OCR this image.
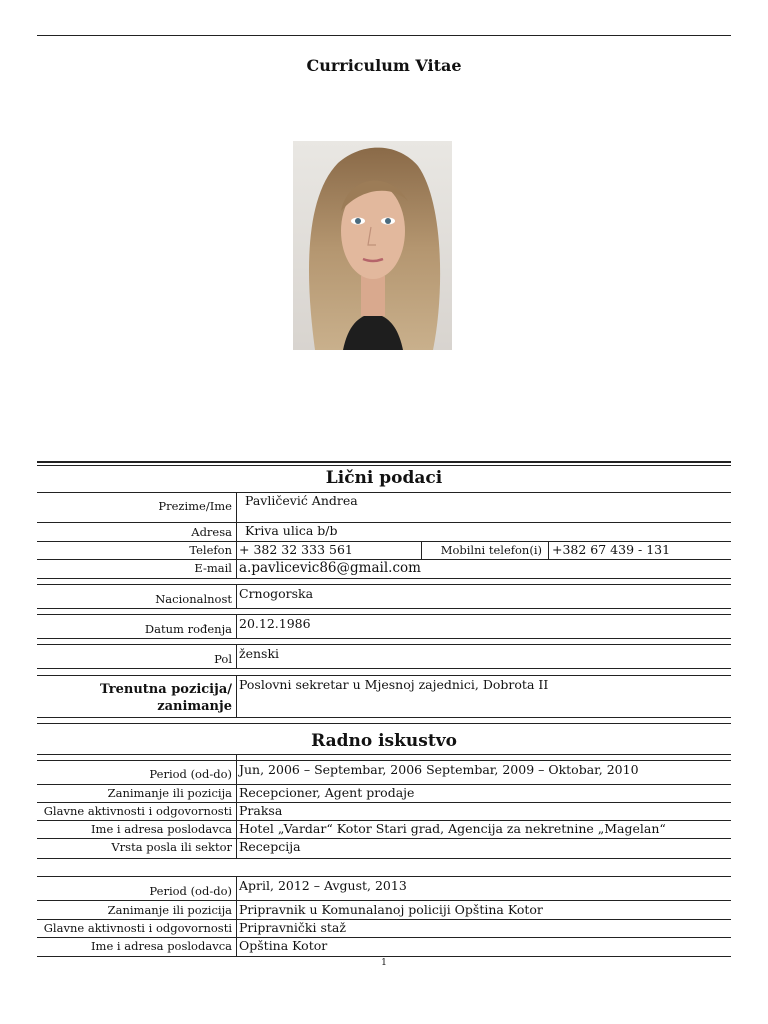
Curriculum Vitae
Lični podaci
Prezime/Ime Pavličević Andrea
Adresa Kriva ulica b/b
Telefon + 382 32 333 561	Mobilni telefon(i) +382 67 439 - 131
E-mail a.pavlicevic86@gmail.com
Nacionalnost Crnogorska
Datum rođenja 20.12.1986
Pol ženski
Trenutna pozicija/
zanimanje
Poslovni sekretar u Mjesnoj zajednici, Dobrota II
Radno iskustvo
Period (od-do) Jun, 2006 – Septembar, 2006 Septembar, 2009 – Oktobar, 2010
Zanimanje ili pozicija Recepcioner, Agent prodaje
Glavne aktivnosti i odgovornosti Praksa
Ime i adresa poslodavca Hotel „Vardar“ Kotor Stari grad, Agencija za nekretnine „Magelan“
Vrsta posla ili sektor Recepcija
Period (od-do) April, 2012 – Avgust, 2013
Zanimanje ili pozicija Pripravnik u Komunalanoj policiji Opština Kotor
Glavne aktivnosti i odgovornosti Pripravnički staž
Ime i adresa poslodavca Opština Kotor
1
